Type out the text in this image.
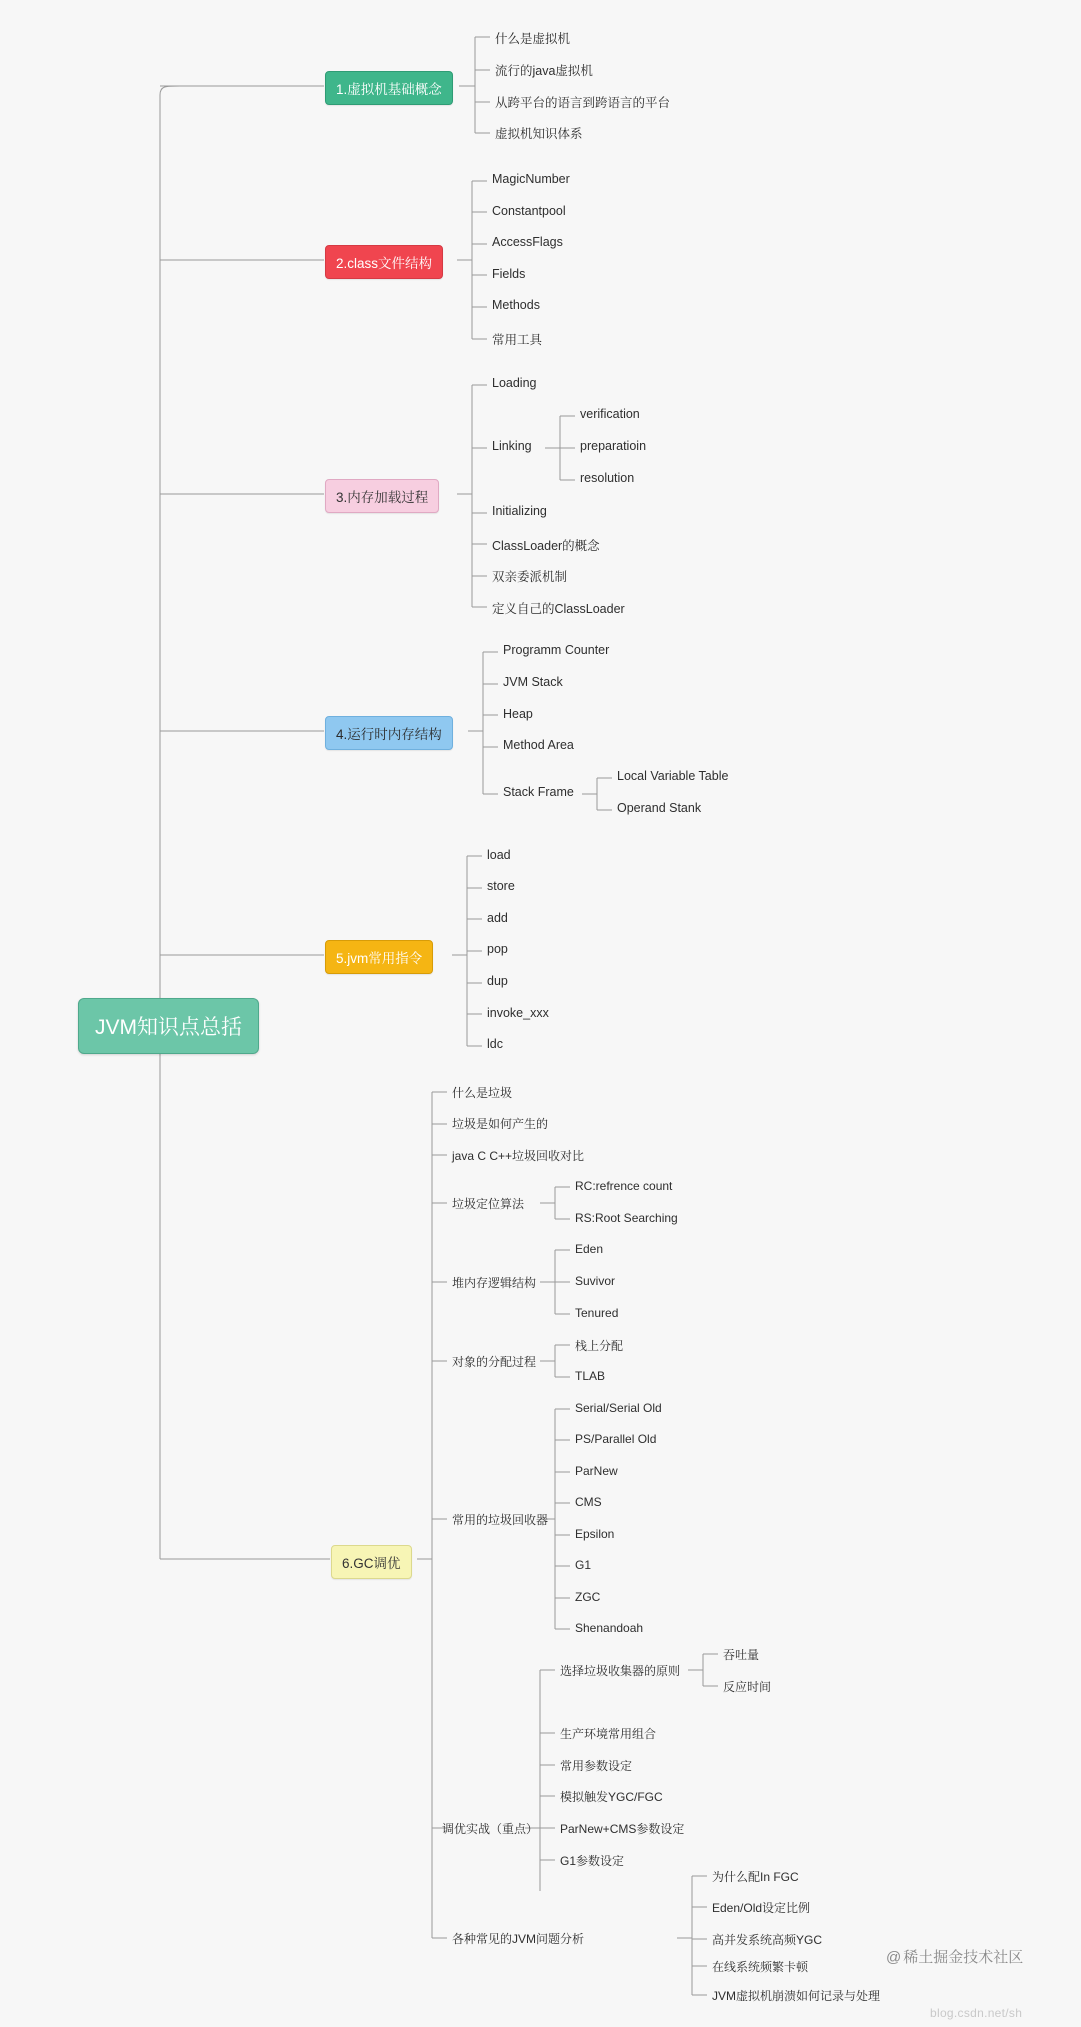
JVM知识点总括
1.虚拟机基础概念
什么是虚拟机
流行的java虚拟机
从跨平台的语言到跨语言的平台
虚拟机知识体系
2.class文件结构
MagicNumber
Constantpool
AccessFlags
Fields
Methods
常用工具
3.内存加载过程
Loading
Linking
verification
preparatioin
resolution
Initializing
ClassLoader的概念
双亲委派机制
定义自己的ClassLoader
4.运行时内存结构
Programm Counter
JVM Stack
Heap
Method Area
Stack Frame
Local Variable Table
Operand Stank
5.jvm常用指令
load
store
add
pop
dup
invoke_xxx
ldc
6.GC调优
什么是垃圾
垃圾是如何产生的
java C C++垃圾回收对比
垃圾定位算法
RC:refrence count
RS:Root Searching
堆内存逻辑结构
Eden
Suvivor
Tenured
对象的分配过程
栈上分配
TLAB
常用的垃圾回收器
Serial/Serial Old
PS/Parallel Old
ParNew
CMS
Epsilon
G1
ZGC
Shenandoah
调优实战（重点）
选择垃圾收集器的原则
吞吐量
反应时间
生产环境常用组合
常用参数设定
模拟触发YGC/FGC
ParNew+CMS参数设定
G1参数设定
各种常见的JVM问题分析
为什么配In FGC
Eden/Old设定比例
高并发系统高频YGC
在线系统频繁卡顿
JVM虚拟机崩溃如何记录与处理
@ 稀土掘金技术社区
blog.csdn.net/sh
